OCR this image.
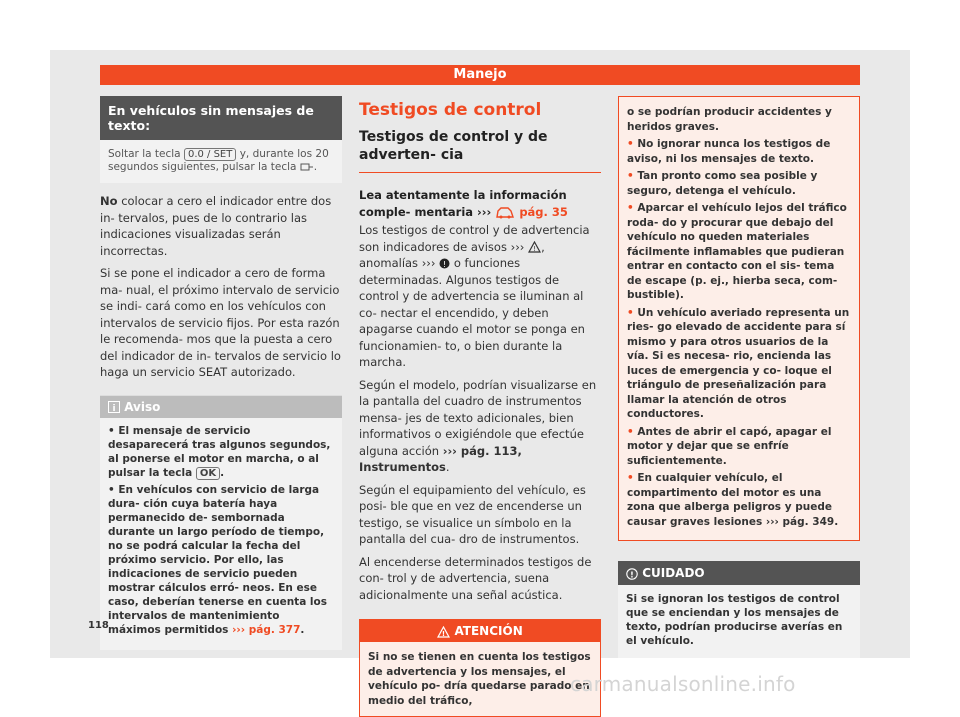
Manejo
En vehículos sin mensajes de texto:
Soltar la tecla 0.0 / SET y, durante los 20 segundos siguientes, pulsar la tecla .

No colocar a cero el indicador entre dos in- tervalos, pues de lo contrario las indicaciones visualizadas serán incorrectas.

Si se pone el indicador a cero de forma ma- nual, el próximo intervalo de servicio se indi- cará como en los vehículos con intervalos de servicio fijos. Por esta razón le recomenda- mos que la puesta a cero del indicador de in- tervalos de servicio lo haga un servicio SEAT autorizado.

i Aviso
• El mensaje de servicio desaparecerá tras algunos segundos, al ponerse el motor en marcha, o al pulsar la tecla OK .
• En vehículos con servicio de larga dura- ción cuya batería haya permanecido de- sembornada durante un largo período de tiempo, no se podrá calcular la fecha del próximo servicio. Por ello, las indicaciones de servicio pueden mostrar cálculos erró- neos. En ese caso, deberían tenerse en cuenta los intervalos de mantenimiento máximos permitidos ››› pág. 377.
Testigos de control
Testigos de control y de adverten- cia
Lea atentamente la información comple- mentaria ››› pág. 35

Los testigos de control y de advertencia son indicadores de avisos ››› ! , anomalías ››› ! o funciones determinadas. Algunos testigos de control y de advertencia se iluminan al co- nectar el encendido, y deben apagarse cuando el motor se ponga en funcionamien- to, o bien durante la marcha.

Según el modelo, podrían visualizarse en la pantalla del cuadro de instrumentos mensa- jes de texto adicionales, bien informativos o exigiéndole que efectúe alguna acción ››› pág. 113, Instrumentos.

Según el equipamiento del vehículo, es posi- ble que en vez de encenderse un testigo, se visualice un símbolo en la pantalla del cua- dro de instrumentos.

Al encenderse determinados testigos de con- trol y de advertencia, suena adicionalmente una señal acústica.

! ATENCIÓN
Si no se tienen en cuenta los testigos de advertencia y los mensajes, el vehículo po- dría quedarse parado en medio del tráfico,
o se podrían producir accidentes y heridos graves.
• No ignorar nunca los testigos de aviso, ni los mensajes de texto.
• Tan pronto como sea posible y seguro, detenga el vehículo.
• Aparcar el vehículo lejos del tráfico roda- do y procurar que debajo del vehículo no queden materiales fácilmente inflamables que pudieran entrar en contacto con el sis- tema de escape (p. ej., hierba seca, com- bustible).
• Un vehículo averiado representa un ries- go elevado de accidente para sí mismo y para otros usuarios de la vía. Si es necesa- rio, encienda las luces de emergencia y co- loque el triángulo de preseñalización para llamar la atención de otros conductores.
• Antes de abrir el capó, apagar el motor y dejar que se enfríe suficientemente.
• En cualquier vehículo, el compartimento del motor es una zona que alberga peligros y puede causar graves lesiones ››› pág. 349.
! CUIDADO
Si se ignoran los testigos de control que se enciendan y los mensajes de texto, podrían producirse averías en el vehículo.
118
carmanualsonline.info
